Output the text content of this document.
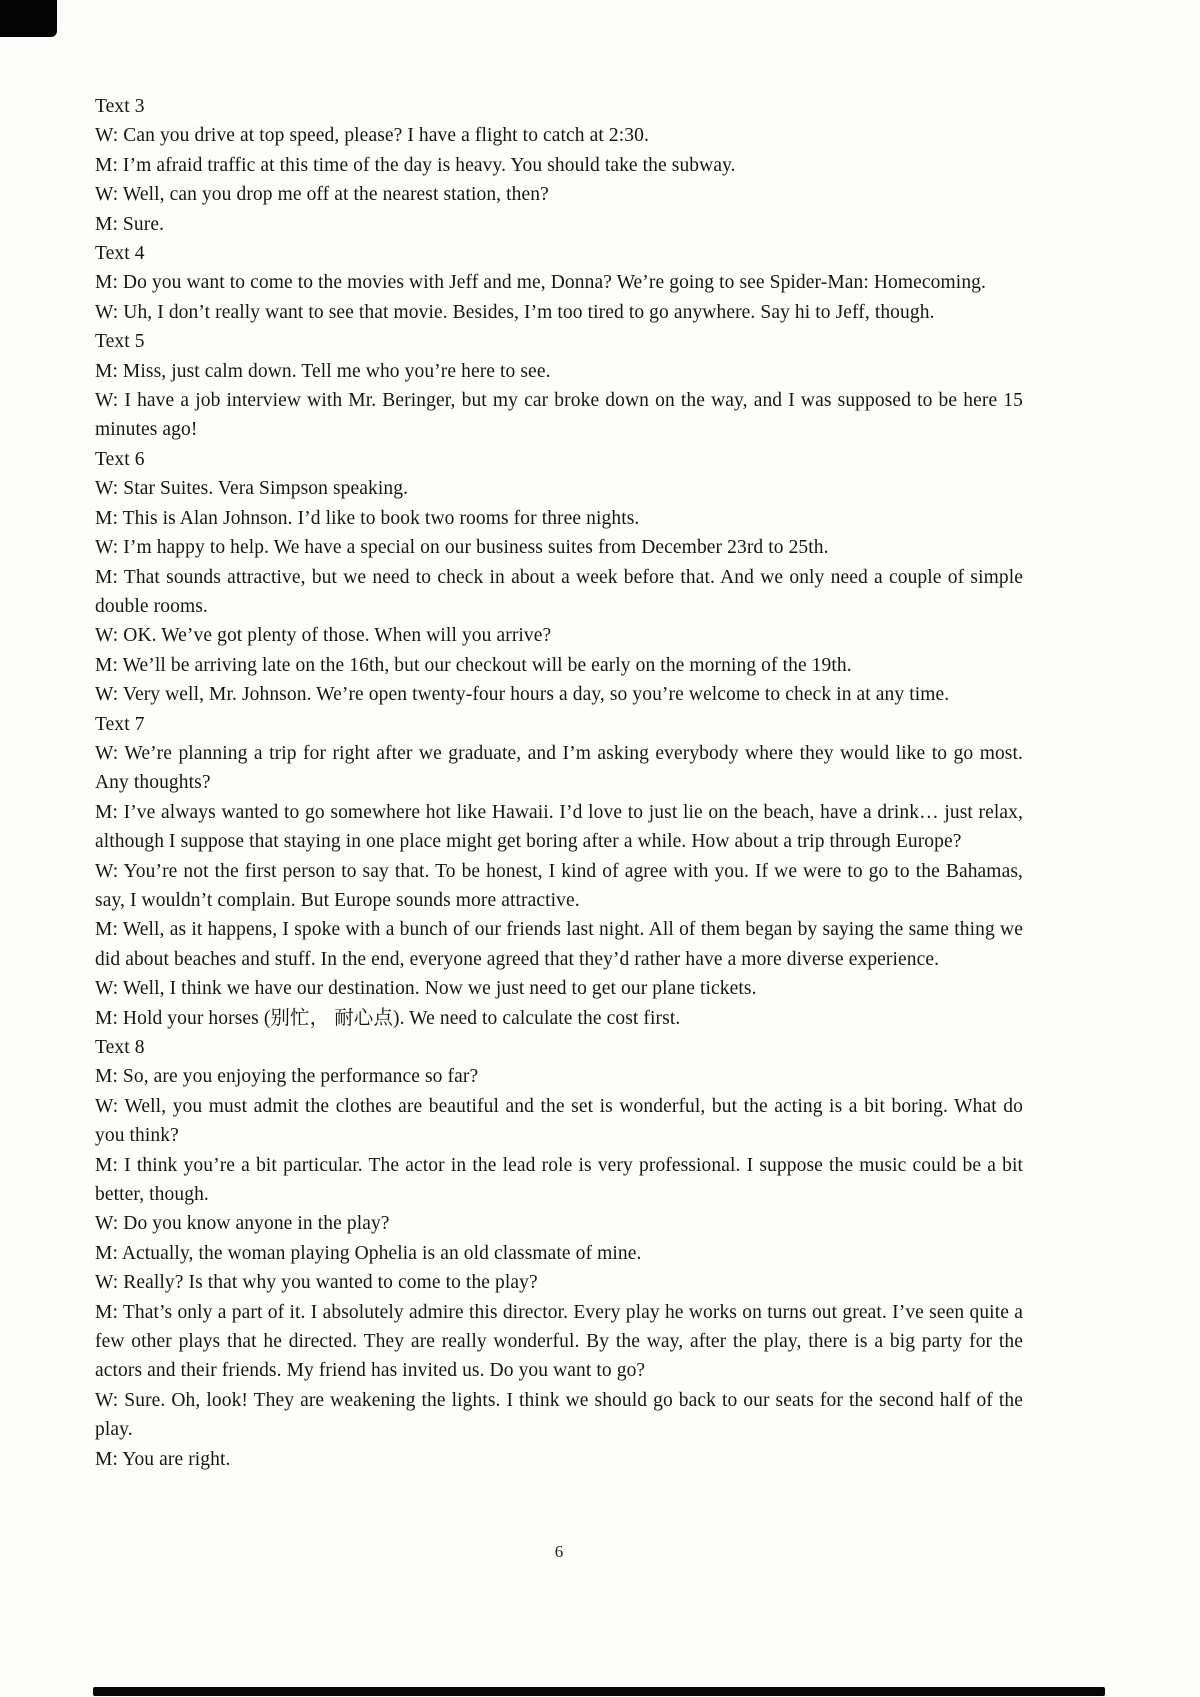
Text 3

W: Can you drive at top speed, please? I have a flight to catch at 2:30.

M: I’m afraid traffic at this time of the day is heavy. You should take the subway.

W: Well, can you drop me off at the nearest station, then?

M: Sure.

Text 4

M: Do you want to come to the movies with Jeff and me, Donna? We’re going to see Spider-Man: Homecoming.

W: Uh, I don’t really want to see that movie. Besides, I’m too tired to go anywhere. Say hi to Jeff, though.

Text 5

M: Miss, just calm down. Tell me who you’re here to see.

W: I have a job interview with Mr. Beringer, but my car broke down on the way, and I was supposed to be here 15 minutes ago!

Text 6

W: Star Suites. Vera Simpson speaking.

M: This is Alan Johnson. I’d like to book two rooms for three nights.

W: I’m happy to help. We have a special on our business suites from December 23rd to 25th.

M: That sounds attractive, but we need to check in about a week before that. And we only need a couple of simple double rooms.

W: OK. We’ve got plenty of those. When will you arrive?

M: We’ll be arriving late on the 16th, but our checkout will be early on the morning of the 19th.

W: Very well, Mr. Johnson. We’re open twenty-four hours a day, so you’re welcome to check in at any time.

Text 7

W: We’re planning a trip for right after we graduate, and I’m asking everybody where they would like to go most. Any thoughts?

M: I’ve always wanted to go somewhere hot like Hawaii. I’d love to just lie on the beach, have a drink… just relax, although I suppose that staying in one place might get boring after a while. How about a trip through Europe?

W: You’re not the first person to say that. To be honest, I kind of agree with you. If we were to go to the Bahamas, say, I wouldn’t complain. But Europe sounds more attractive.

M: Well, as it happens, I spoke with a bunch of our friends last night. All of them began by saying the same thing we did about beaches and stuff. In the end, everyone agreed that they’d rather have a more diverse experience.

W: Well, I think we have our destination. Now we just need to get our plane tickets.

M: Hold your horses (别忙， 耐心点). We need to calculate the cost first.

Text 8

M: So, are you enjoying the performance so far?

W: Well, you must admit the clothes are beautiful and the set is wonderful, but the acting is a bit boring. What do you think?

M: I think you’re a bit particular. The actor in the lead role is very professional. I suppose the music could be a bit better, though.

W: Do you know anyone in the play?

M: Actually, the woman playing Ophelia is an old classmate of mine.

W: Really? Is that why you wanted to come to the play?

M: That’s only a part of it. I absolutely admire this director. Every play he works on turns out great. I’ve seen quite a few other plays that he directed. They are really wonderful. By the way, after the play, there is a big party for the actors and their friends. My friend has invited us. Do you want to go?

W: Sure. Oh, look! They are weakening the lights. I think we should go back to our seats for the second half of the play.

M: You are right.

6
